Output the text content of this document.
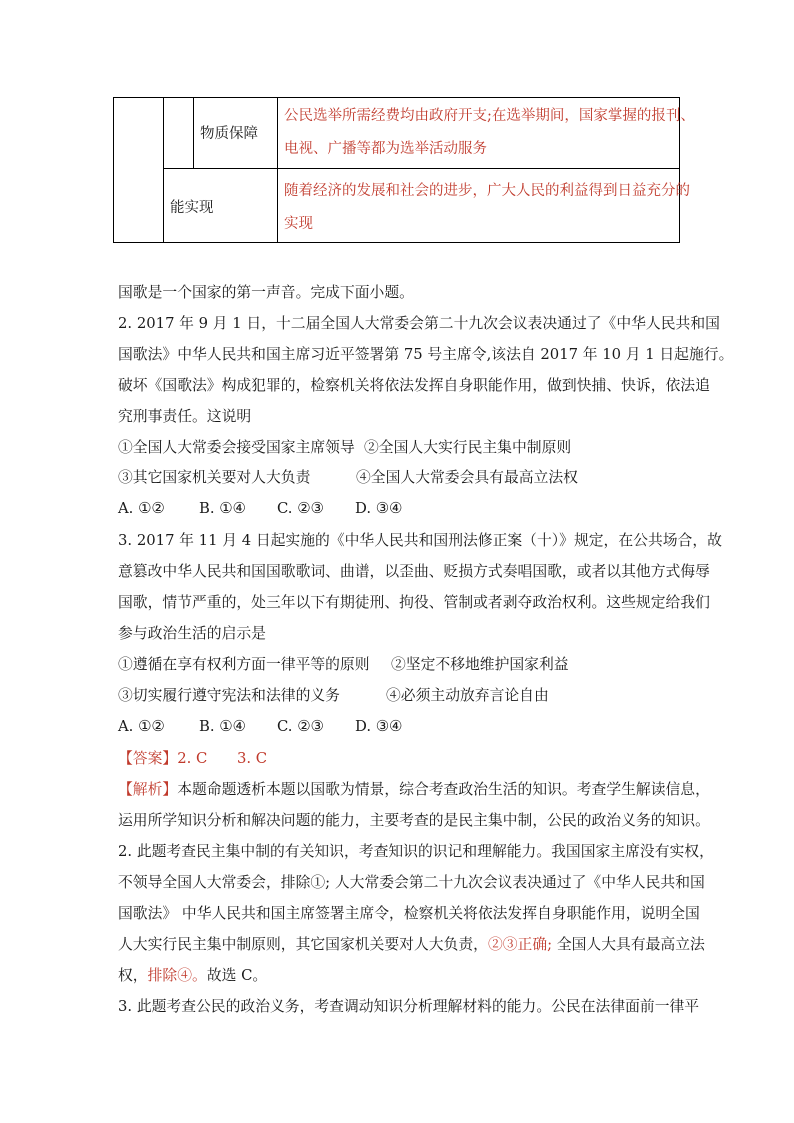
物质保障
公民选举所需经费均由政府开支;在选举期间，国家掌握的报刊、
电视、广播等都为选举活动服务
能实现
随着经济的发展和社会的进步，广大人民的利益得到日益充分的
实现
国歌是一个国家的第一声音。完成下面小题。
2. 2017 年 9 月 1 日，十二届全国人大常委会第二十九次会议表决通过了《中华人民共和国
国歌法》中华人民共和国主席习近平签署第 75 号主席令,该法自 2017 年 10 月 1 日起施行。
破坏《国歌法》构成犯罪的，检察机关将依法发挥自身职能作用，做到快捕、快诉，依法追
究刑事责任。这说明
①全国人大常委会接受国家主席领导 ②全国人大实行民主集中制原则
③其它国家机关要对人大负责	④全国人大常委会具有最高立法权
A. ①② B. ①④ C. ②③ D. ③④
3. 2017 年 11 月 4 日起实施的《中华人民共和国刑法修正案（十）》规定，在公共场合，故
意篡改中华人民共和国国歌歌词、曲谱，以歪曲、贬损方式奏唱国歌，或者以其他方式侮辱
国歌，情节严重的，处三年以下有期徒刑、拘役、管制或者剥夺政治权利。这些规定给我们
参与政治生活的启示是
①遵循在享有权利方面一律平等的原则 ②坚定不移地维护国家利益
③切实履行遵守宪法和法律的义务	④必须主动放弃言论自由
A. ①② B. ①④ C. ②③ D. ③④
【答案】2. C　　3. C
【解析】本题命题透析本题以国歌为情景，综合考查政治生活的知识。考查学生解读信息，
运用所学知识分析和解决问题的能力，主要考查的是民主集中制，公民的政治义务的知识。
2. 此题考查民主集中制的有关知识，考查知识的识记和理解能力。我国国家主席没有实权，
不领导全国人大常委会，排除①; 人大常委会第二十九次会议表决通过了《中华人民共和国
国歌法》 中华人民共和国主席签署主席令，检察机关将依法发挥自身职能作用，说明全国
人大实行民主集中制原则，其它国家机关要对人大负责，②③正确; 全国人大具有最高立法
权，排除④。故选 C。
3. 此题考查公民的政治义务，考查调动知识分析理解材料的能力。公民在法律面前一律平
